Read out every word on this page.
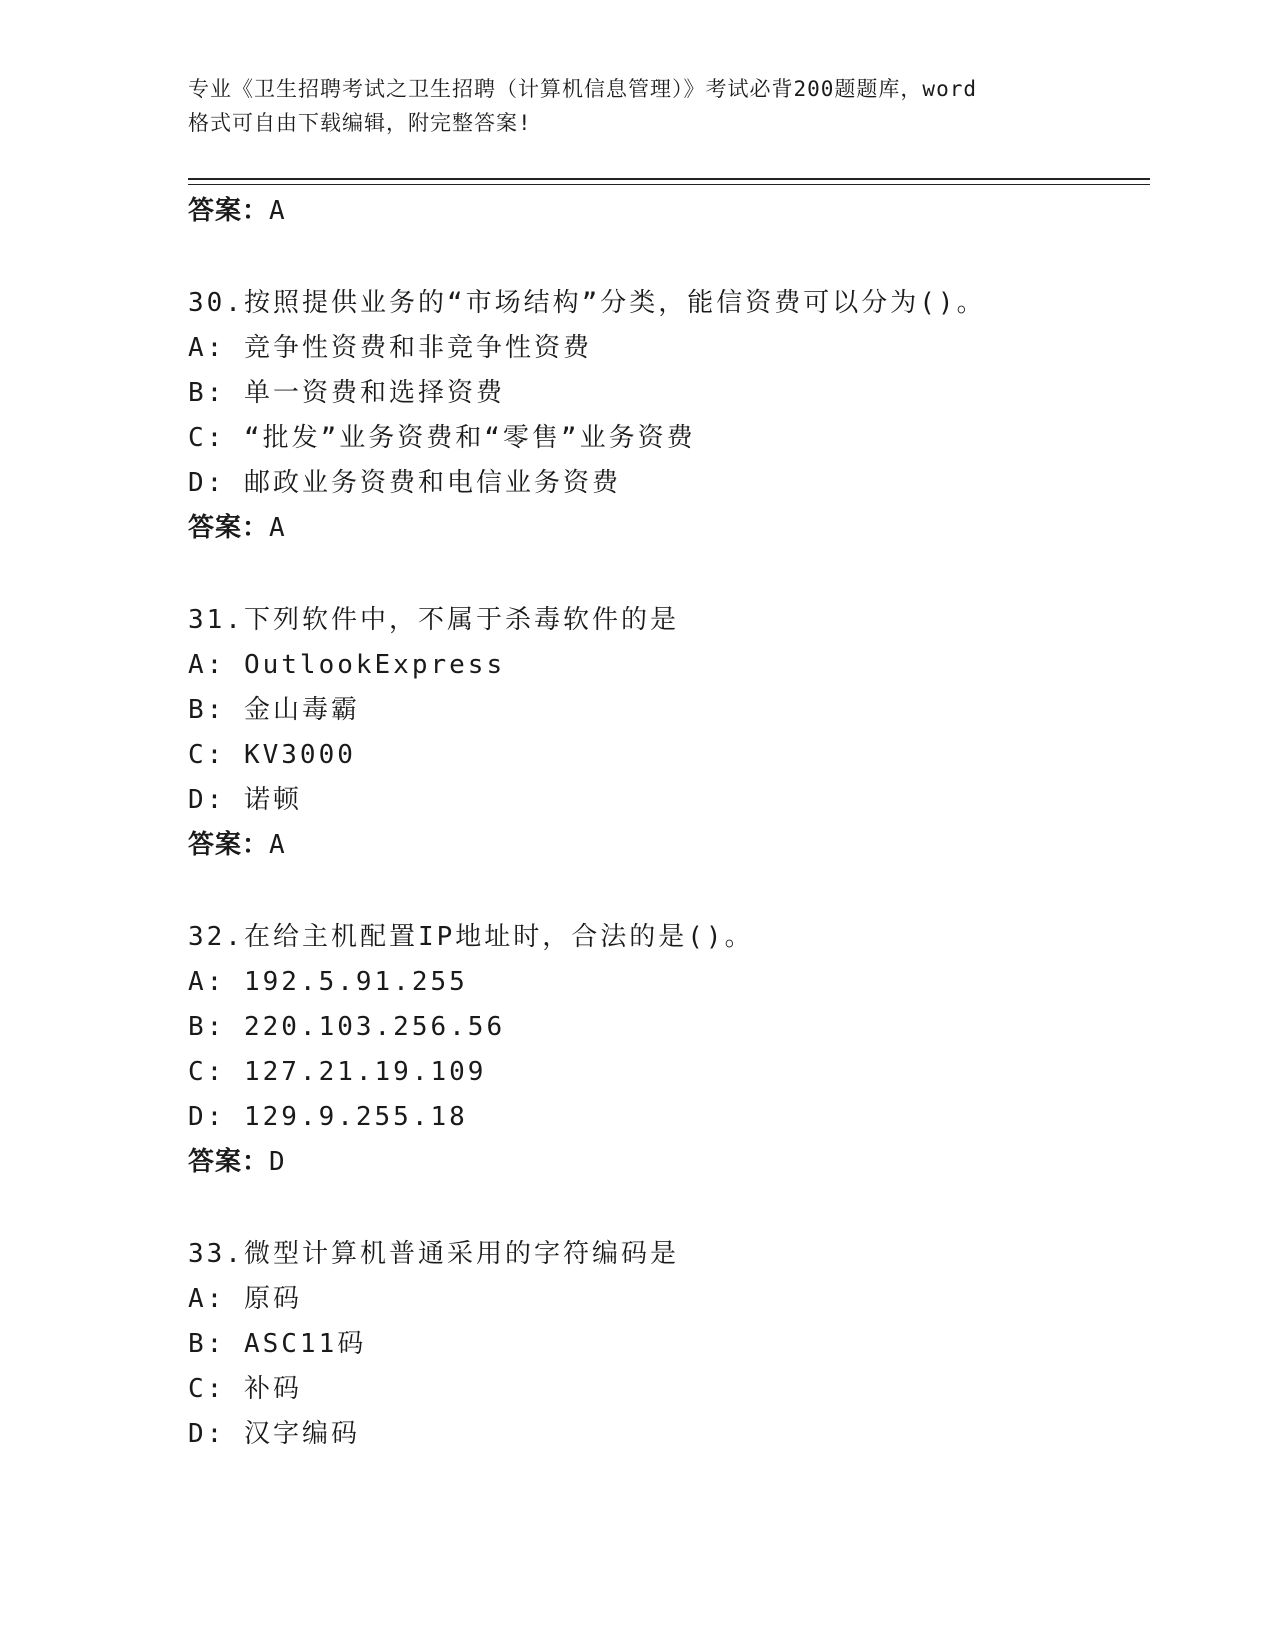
专业《卫生招聘考试之卫生招聘（计算机信息管理）》考试必背200题题库，word
格式可自由下载编辑，附完整答案!
答案：A
30.按照提供业务的“市场结构”分类，能信资费可以分为()。
A: 竞争性资费和非竞争性资费
B: 单一资费和选择资费
C: “批发”业务资费和“零售”业务资费
D: 邮政业务资费和电信业务资费
答案：A
31.下列软件中，不属于杀毒软件的是
A: OutlookExpress
B: 金山毒霸
C: KV3000
D: 诺顿
答案：A
32.在给主机配置IP地址时，合法的是()。
A: 192.5.91.255
B: 220.103.256.56
C: 127.21.19.109
D: 129.9.255.18
答案：D
33.微型计算机普通采用的字符编码是
A: 原码
B: ASC11码
C: 补码
D: 汉字编码
